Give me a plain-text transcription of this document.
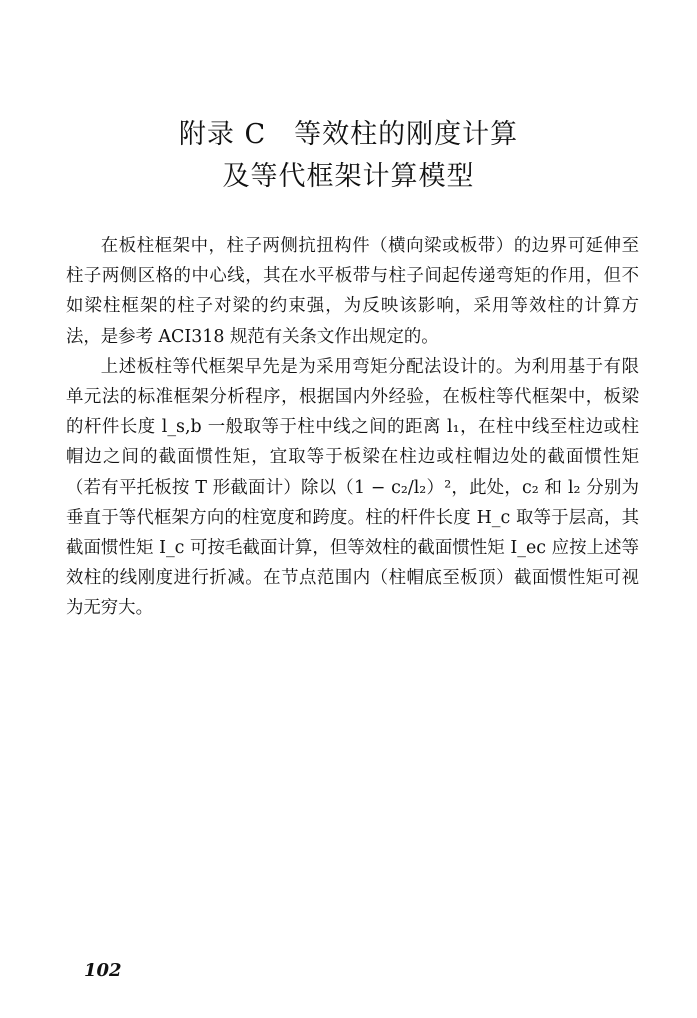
附录 C　等效柱的刚度计算
及等代框架计算模型

在板柱框架中，柱子两侧抗扭构件（横向梁或板带）的边界可延伸至柱子两侧区格的中心线，其在水平板带与柱子间起传递弯矩的作用，但不如梁柱框架的柱子对梁的约束强，为反映该影响，采用等效柱的计算方法，是参考 ACI318 规范有关条文作出规定的。

上述板柱等代框架早先是为采用弯矩分配法设计的。为利用基于有限单元法的标准框架分析程序，根据国内外经验，在板柱等代框架中，板梁的杆件长度 l_s,b 一般取等于柱中线之间的距离 l₁，在柱中线至柱边或柱帽边之间的截面惯性矩，宜取等于板梁在柱边或柱帽边处的截面惯性矩（若有平托板按 T 形截面计）除以（1 − c₂/l₂）²，此处，c₂ 和 l₂ 分别为垂直于等代框架方向的柱宽度和跨度。柱的杆件长度 H_c 取等于层高，其截面惯性矩 I_c 可按毛截面计算，但等效柱的截面惯性矩 I_ec 应按上述等效柱的线刚度进行折减。在节点范围内（柱帽底至板顶）截面惯性矩可视为无穷大。

102
